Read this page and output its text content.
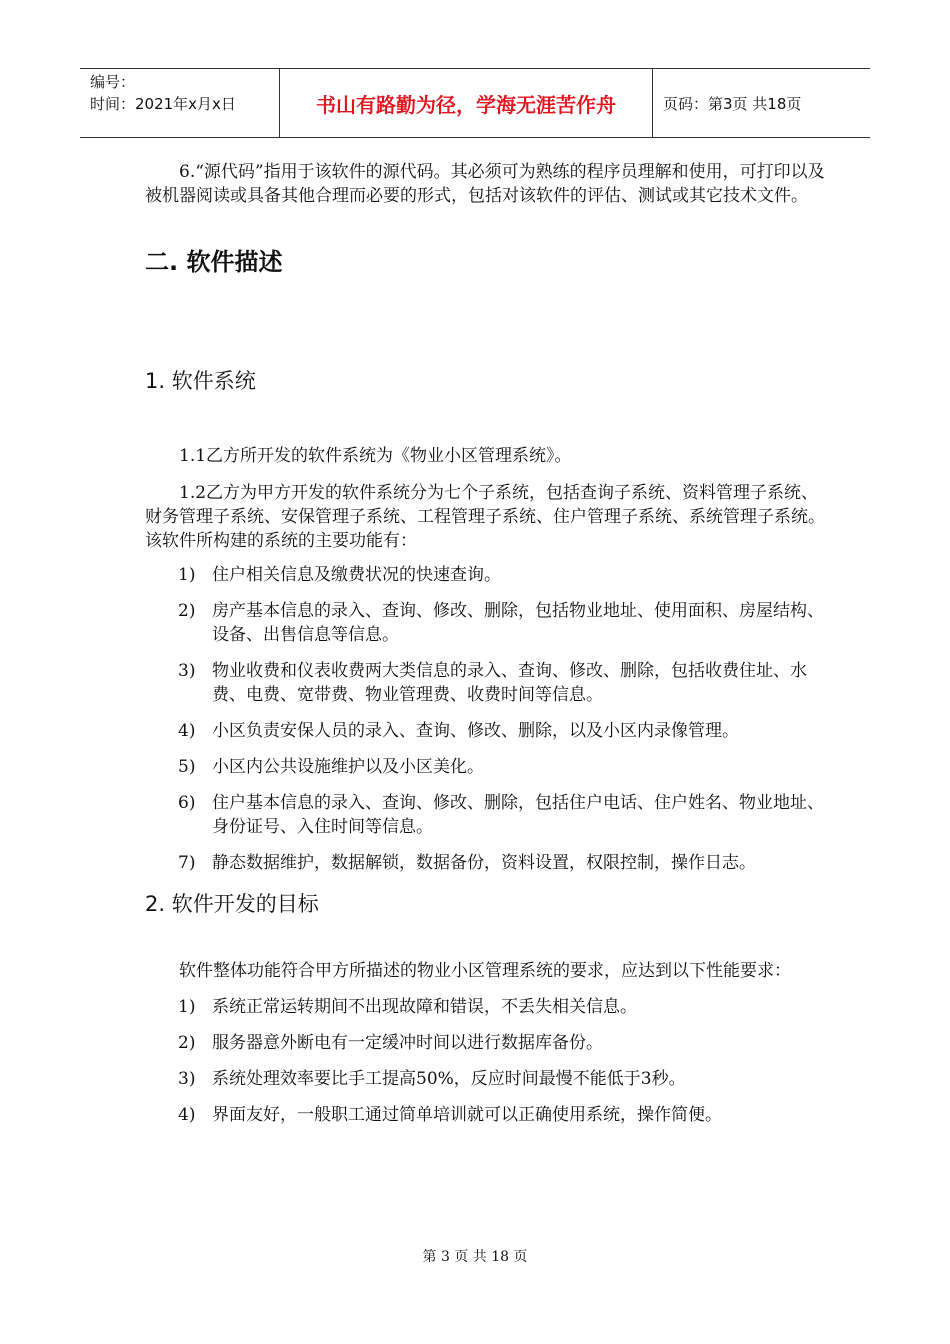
编号：
时间：2021年x月x日	书山有路勤为径，学海无涯苦作舟	页码：第3页 共18页

6.“源代码”指用于该软件的源代码。其必须可为熟练的程序员理解和使用，可打印以及被机器阅读或具备其他合理而必要的形式，包括对该软件的评估、测试或其它技术文件。

二. 软件描述
1. 软件系统

1.1乙方所开发的软件系统为《物业小区管理系统》。

1.2乙方为甲方开发的软件系统分为七个子系统，包括查询子系统、资料管理子系统、财务管理子系统、安保管理子系统、工程管理子系统、住户管理子系统、系统管理子系统。该软件所构建的系统的主要功能有：

1) 住户相关信息及缴费状况的快速查询。
2) 房产基本信息的录入、查询、修改、删除，包括物业地址、使用面积、房屋结构、设备、出售信息等信息。
3) 物业收费和仪表收费两大类信息的录入、查询、修改、删除，包括收费住址、水费、电费、宽带费、物业管理费、收费时间等信息。
4) 小区负责安保人员的录入、查询、修改、删除，以及小区内录像管理。
5) 小区内公共设施维护以及小区美化。
6) 住户基本信息的录入、查询、修改、删除，包括住户电话、住户姓名、物业地址、身份证号、入住时间等信息。
7) 静态数据维护，数据解锁，数据备份，资料设置，权限控制，操作日志。
2. 软件开发的目标

软件整体功能符合甲方所描述的物业小区管理系统的要求，应达到以下性能要求：

1) 系统正常运转期间不出现故障和错误，不丢失相关信息。
2) 服务器意外断电有一定缓冲时间以进行数据库备份。
3) 系统处理效率要比手工提高50%，反应时间最慢不能低于3秒。
4) 界面友好，一般职工通过简单培训就可以正确使用系统，操作简便。
第 3 页 共 18 页
